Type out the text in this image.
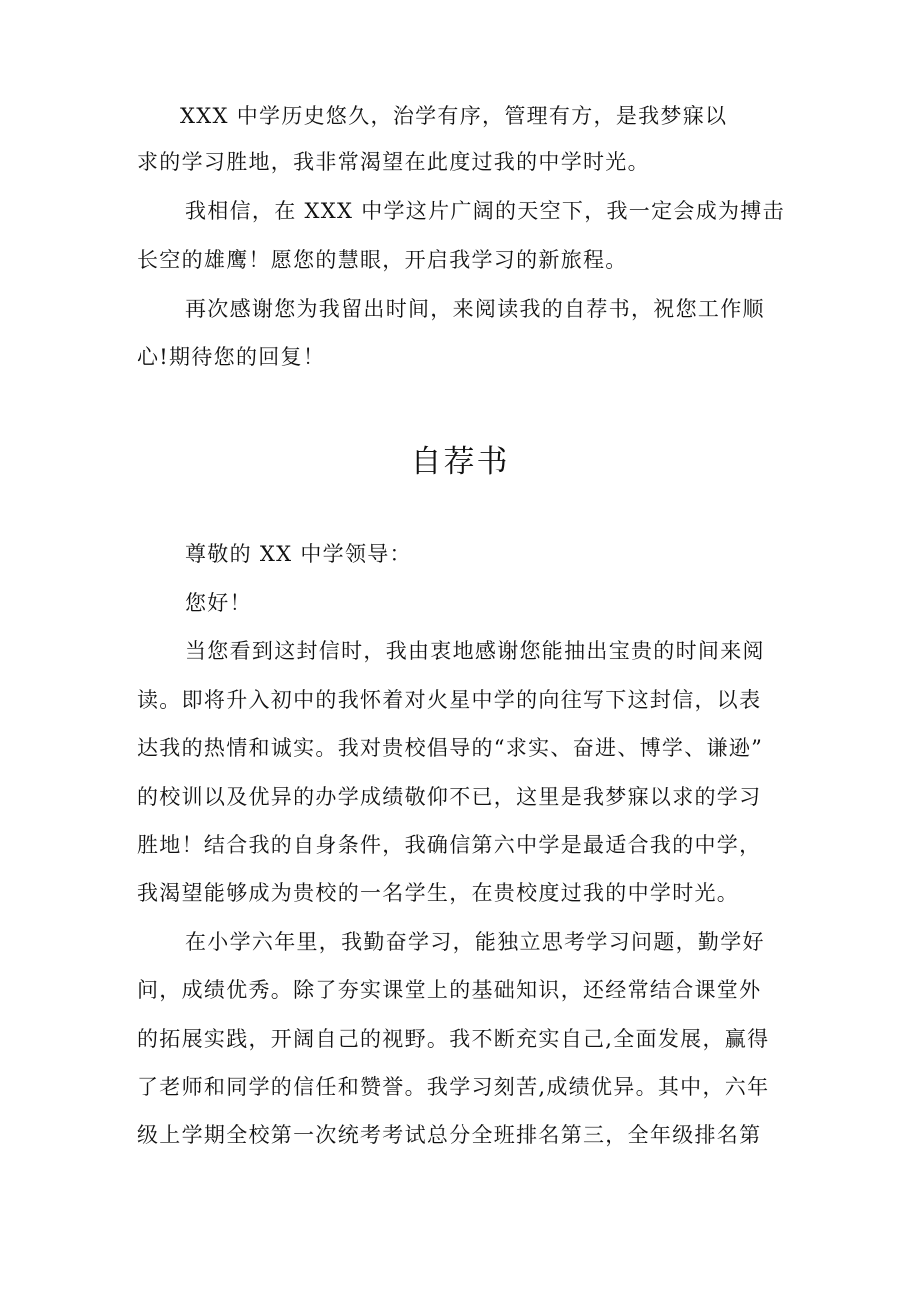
XXX 中学历史悠久，治学有序，管理有方，是我梦寐以
求的学习胜地，我非常渴望在此度过我的中学时光。
我相信，在 XXX 中学这片广阔的天空下，我一定会成为搏击
长空的雄鹰！愿您的慧眼，开启我学习的新旅程。
再次感谢您为我留出时间，来阅读我的自荐书，祝您工作顺
心!期待您的回复！
自荐书
尊敬的 XX 中学领导：
您好！
当您看到这封信时，我由衷地感谢您能抽出宝贵的时间来阅
读。即将升入初中的我怀着对火星中学的向往写下这封信，以表
达我的热情和诚实。我对贵校倡导的“求实、奋进、博学、谦逊”
的校训以及优异的办学成绩敬仰不已，这里是我梦寐以求的学习
胜地！结合我的自身条件，我确信第六中学是最适合我的中学，
我渴望能够成为贵校的一名学生，在贵校度过我的中学时光。
在小学六年里，我勤奋学习，能独立思考学习问题，勤学好
问，成绩优秀。除了夯实课堂上的基础知识，还经常结合课堂外
的拓展实践，开阔自己的视野。我不断充实自己,全面发展，赢得
了老师和同学的信任和赞誉。我学习刻苦,成绩优异。其中，六年
级上学期全校第一次统考考试总分全班排名第三，全年级排名第
